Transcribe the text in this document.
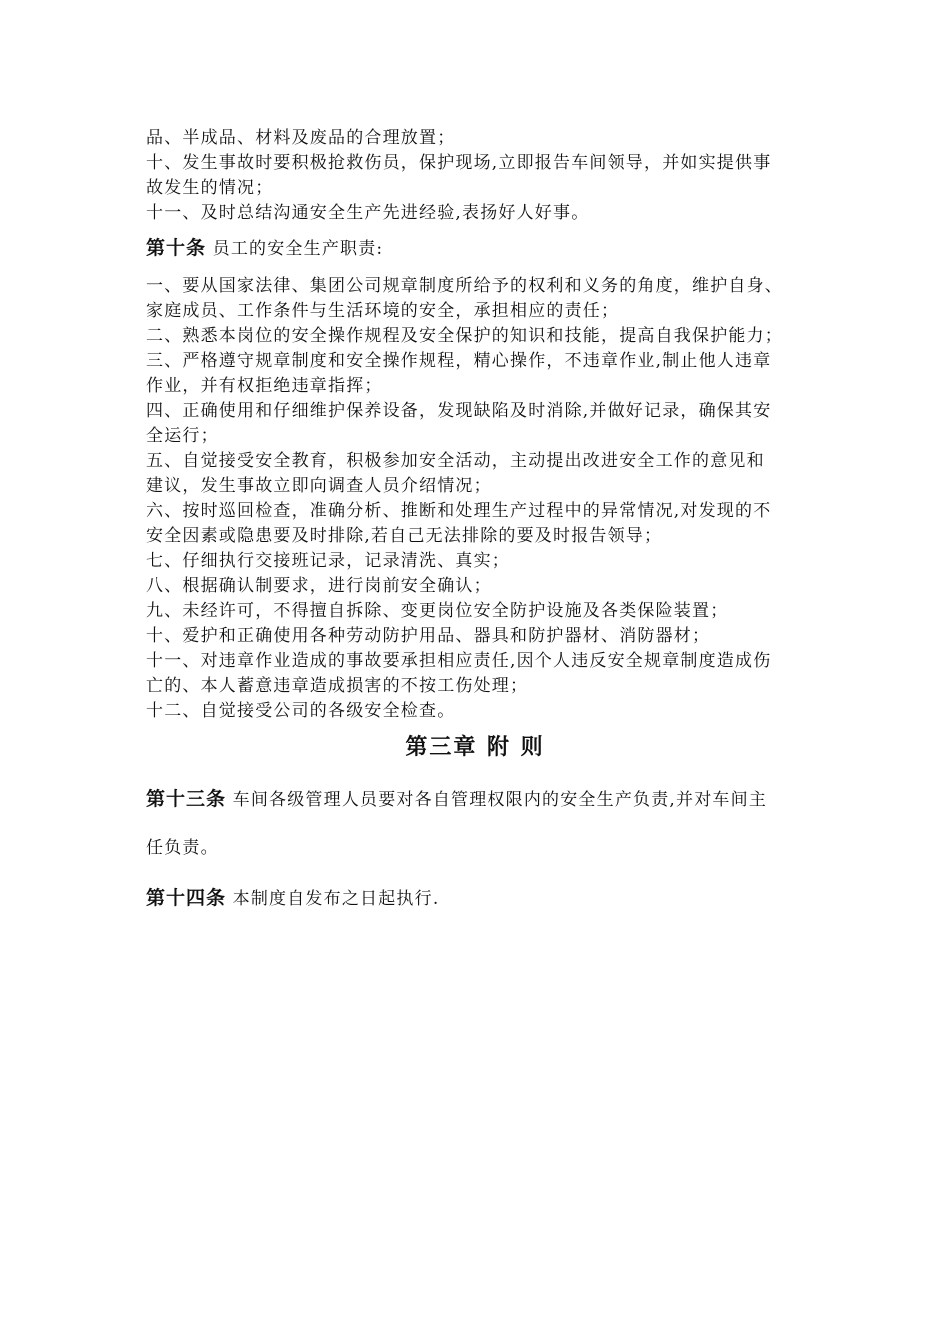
品、半成品、材料及废品的合理放置；
十、发生事故时要积极抢救伤员，保护现场,立即报告车间领导，并如实提供事
故发生的情况；
十一、及时总结沟通安全生产先进经验,表扬好人好事。
第十条 员工的安全生产职责:
一、要从国家法律、集团公司规章制度所给予的权利和义务的角度，维护自身、
家庭成员、工作条件与生活环境的安全，承担相应的责任；
二、熟悉本岗位的安全操作规程及安全保护的知识和技能，提高自我保护能力；
三、严格遵守规章制度和安全操作规程，精心操作，不违章作业,制止他人违章
作业，并有权拒绝违章指挥；
四、正确使用和仔细维护保养设备，发现缺陷及时消除,并做好记录，确保其安
全运行；
五、自觉接受安全教育，积极参加安全活动，主动提出改进安全工作的意见和
建议，发生事故立即向调查人员介绍情况；
六、按时巡回检查，准确分析、推断和处理生产过程中的异常情况,对发现的不
安全因素或隐患要及时排除,若自己无法排除的要及时报告领导；
七、仔细执行交接班记录，记录清洗、真实；
八、根据确认制要求，进行岗前安全确认；
九、未经许可，不得擅自拆除、变更岗位安全防护设施及各类保险装置；
十、爱护和正确使用各种劳动防护用品、器具和防护器材、消防器材；
十一、对违章作业造成的事故要承担相应责任,因个人违反安全规章制度造成伤
亡的、本人蓄意违章造成损害的不按工伤处理；
十二、自觉接受公司的各级安全检查。
第三章 附 则
第十三条 车间各级管理人员要对各自管理权限内的安全生产负责,并对车间主
任负责。
第十四条 本制度自发布之日起执行.
